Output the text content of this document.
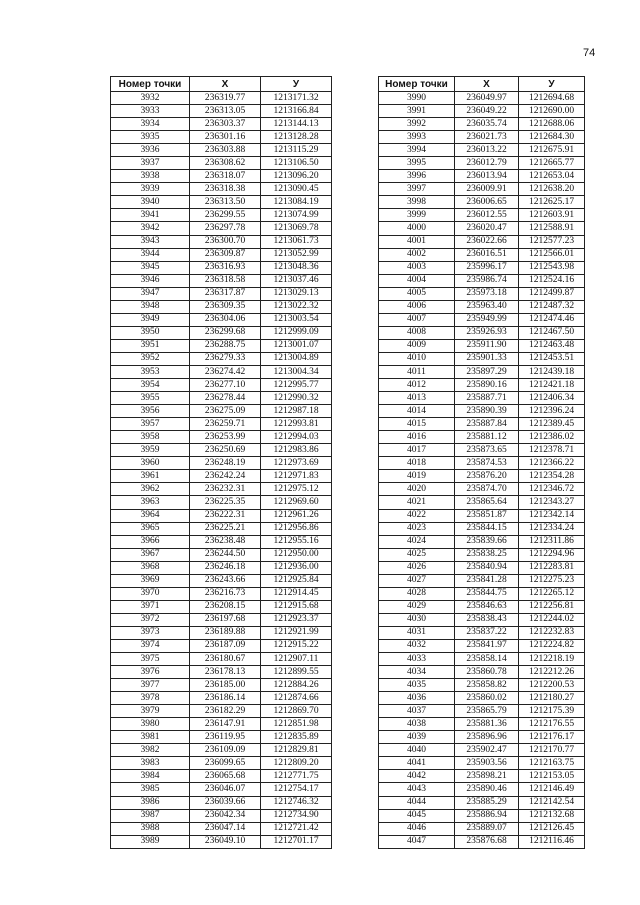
74
Номер точки	X	У
3932	236319.77	1213171.32
3933	236313.05	1213166.84
3934	236303.37	1213144.13
3935	236301.16	1213128.28
3936	236303.88	1213115.29
3937	236308.62	1213106.50
3938	236318.07	1213096.20
3939	236318.38	1213090.45
3940	236313.50	1213084.19
3941	236299.55	1213074.99
3942	236297.78	1213069.78
3943	236300.70	1213061.73
3944	236309.87	1213052.99
3945	236316.93	1213048.36
3946	236318.58	1213037.46
3947	236317.87	1213029.13
3948	236309.35	1213022.32
3949	236304.06	1213003.54
3950	236299.68	1212999.09
3951	236288.75	1213001.07
3952	236279.33	1213004.89
3953	236274.42	1213004.34
3954	236277.10	1212995.77
3955	236278.44	1212990.32
3956	236275.09	1212987.18
3957	236259.71	1212993.81
3958	236253.99	1212994.03
3959	236250.69	1212983.86
3960	236248.19	1212973.69
3961	236242.24	1212971.83
3962	236232.31	1212975.12
3963	236225.35	1212969.60
3964	236222.31	1212961.26
3965	236225.21	1212956.86
3966	236238.48	1212955.16
3967	236244.50	1212950.00
3968	236246.18	1212936.00
3969	236243.66	1212925.84
3970	236216.73	1212914.45
3971	236208.15	1212915.68
3972	236197.68	1212923.37
3973	236189.88	1212921.99
3974	236187.09	1212915.22
3975	236180.67	1212907.11
3976	236178.13	1212899.55
3977	236185.00	1212884.26
3978	236186.14	1212874.66
3979	236182.29	1212869.70
3980	236147.91	1212851.98
3981	236119.95	1212835.89
3982	236109.09	1212829.81
3983	236099.65	1212809.20
3984	236065.68	1212771.75
3985	236046.07	1212754.17
3986	236039.66	1212746.32
3987	236042.34	1212734.90
3988	236047.14	1212721.42
3989	236049.10	1212701.17
Номер точки	X	У
3990	236049.97	1212694.68
3991	236049.22	1212690.00
3992	236035.74	1212688.06
3993	236021.73	1212684.30
3994	236013.22	1212675.91
3995	236012.79	1212665.77
3996	236013.94	1212653.04
3997	236009.91	1212638.20
3998	236006.65	1212625.17
3999	236012.55	1212603.91
4000	236020.47	1212588.91
4001	236022.66	1212577.23
4002	236016.51	1212566.01
4003	235996.17	1212543.98
4004	235986.74	1212524.16
4005	235973.18	1212499.87
4006	235963.40	1212487.32
4007	235949.99	1212474.46
4008	235926.93	1212467.50
4009	235911.90	1212463.48
4010	235901.33	1212453.51
4011	235897.29	1212439.18
4012	235890.16	1212421.18
4013	235887.71	1212406.34
4014	235890.39	1212396.24
4015	235887.84	1212389.45
4016	235881.12	1212386.02
4017	235873.65	1212378.71
4018	235874.53	1212366.22
4019	235876.20	1212354.28
4020	235874.70	1212346.72
4021	235865.64	1212343.27
4022	235851.87	1212342.14
4023	235844.15	1212334.24
4024	235839.66	1212311.86
4025	235838.25	1212294.96
4026	235840.94	1212283.81
4027	235841.28	1212275.23
4028	235844.75	1212265.12
4029	235846.63	1212256.81
4030	235838.43	1212244.02
4031	235837.22	1212232.83
4032	235841.97	1212224.82
4033	235858.14	1212218.19
4034	235860.78	1212212.26
4035	235858.82	1212200.53
4036	235860.02	1212180.27
4037	235865.79	1212175.39
4038	235881.36	1212176.55
4039	235896.96	1212176.17
4040	235902.47	1212170.77
4041	235903.56	1212163.75
4042	235898.21	1212153.05
4043	235890.46	1212146.49
4044	235885.29	1212142.54
4045	235886.94	1212132.68
4046	235889.07	1212126.45
4047	235876.68	1212116.46
